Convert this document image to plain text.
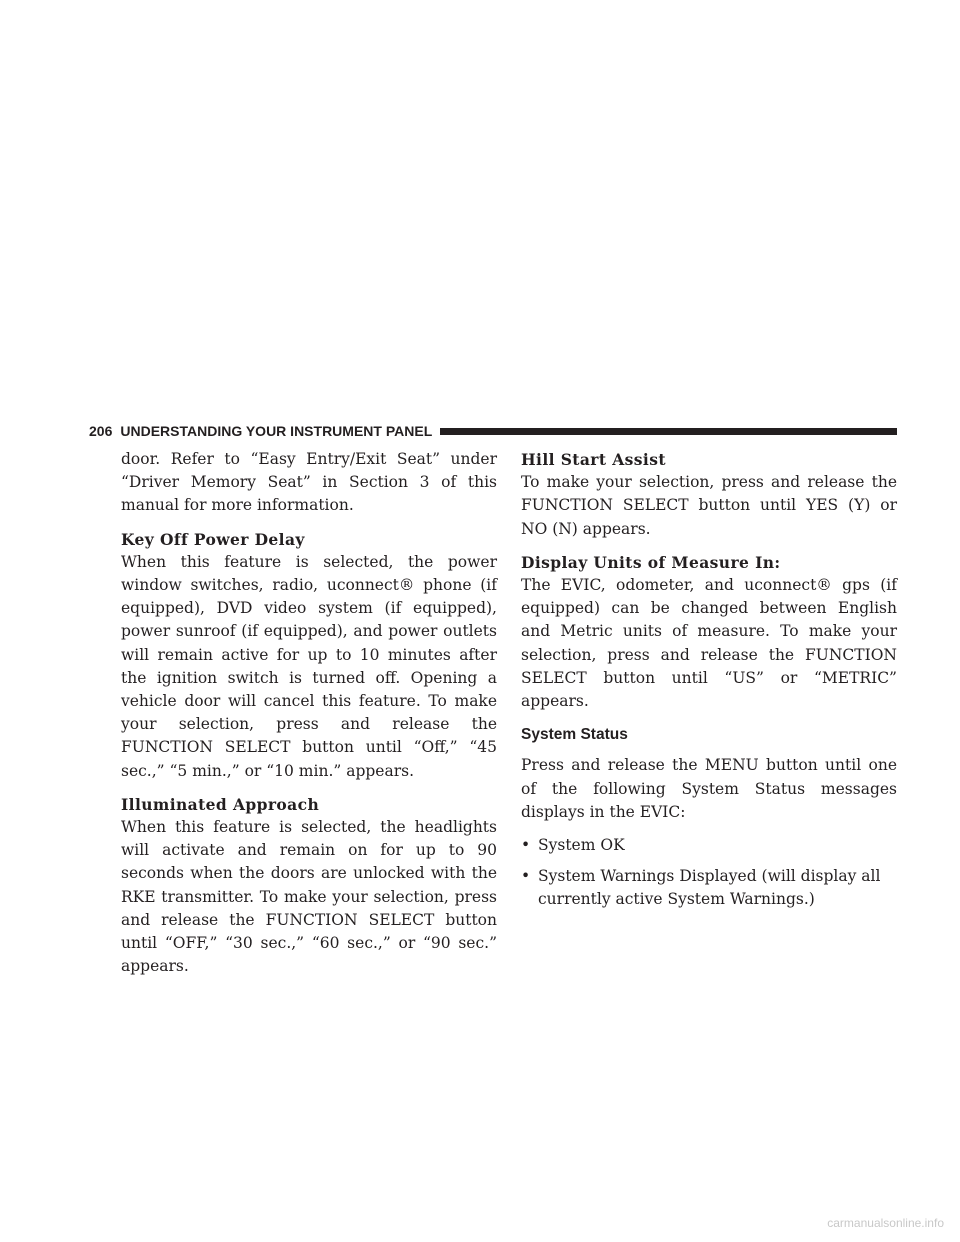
206 UNDERSTANDING YOUR INSTRUMENT PANEL

door. Refer to “Easy Entry/Exit Seat” under “Driver Memory Seat” in Section 3 of this manual for more information.

Key Off Power Delay

When this feature is selected, the power window switches, radio, uconnect® phone (if equipped), DVD video system (if equipped), power sunroof (if equipped), and power outlets will remain active for up to 10 minutes after the ignition switch is turned off. Opening a vehicle door will cancel this feature. To make your selection, press and release the FUNCTION SELECT button until “Off,” “45 sec.,” “5 min.,” or “10 min.” appears.

Illuminated Approach

When this feature is selected, the headlights will activate and remain on for up to 90 seconds when the doors are unlocked with the RKE transmitter. To make your selection, press and release the FUNCTION SELECT button until “OFF,” “30 sec.,” “60 sec.,” or “90 sec.” appears.

Hill Start Assist

To make your selection, press and release the FUNCTION SELECT button until YES (Y) or NO (N) appears.

Display Units of Measure In:

The EVIC, odometer, and uconnect® gps (if equipped) can be changed between English and Metric units of measure. To make your selection, press and release the FUNCTION SELECT button until “US” or “METRIC” appears.

System Status

Press and release the MENU button until one of the following System Status messages displays in the EVIC:

• System OK
• System Warnings Displayed (will display all currently active System Warnings.)
carmanualsonline.info
